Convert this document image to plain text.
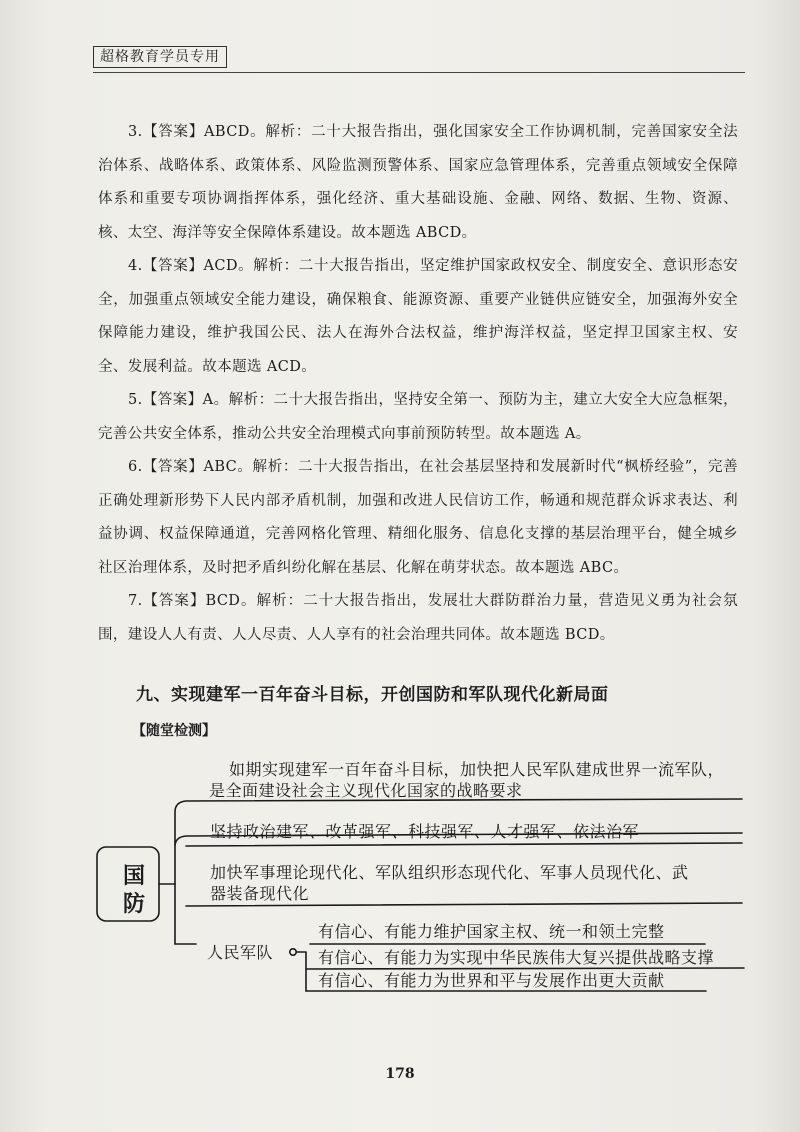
超格教育学员专用

3.【答案】ABCD。解析：二十大报告指出，强化国家安全工作协调机制，完善国家安全法治体系、战略体系、政策体系、风险监测预警体系、国家应急管理体系，完善重点领域安全保障体系和重要专项协调指挥体系，强化经济、重大基础设施、金融、网络、数据、生物、资源、核、太空、海洋等安全保障体系建设。故本题选 ABCD。

4.【答案】ACD。解析：二十大报告指出，坚定维护国家政权安全、制度安全、意识形态安全，加强重点领域安全能力建设，确保粮食、能源资源、重要产业链供应链安全，加强海外安全保障能力建设，维护我国公民、法人在海外合法权益，维护海洋权益，坚定捍卫国家主权、安全、发展利益。故本题选 ACD。

5.【答案】A。解析：二十大报告指出，坚持安全第一、预防为主，建立大安全大应急框架，完善公共安全体系，推动公共安全治理模式向事前预防转型。故本题选 A。

6.【答案】ABC。解析：二十大报告指出，在社会基层坚持和发展新时代“枫桥经验”，完善正确处理新形势下人民内部矛盾机制，加强和改进人民信访工作，畅通和规范群众诉求表达、利益协调、权益保障通道，完善网格化管理、精细化服务、信息化支撑的基层治理平台，健全城乡社区治理体系，及时把矛盾纠纷化解在基层、化解在萌芽状态。故本题选 ABC。

7.【答案】BCD。解析：二十大报告指出，发展壮大群防群治力量，营造见义勇为社会氛围，建设人人有责、人人尽责、人人享有的社会治理共同体。故本题选 BCD。

九、实现建军一百年奋斗目标，开创国防和军队现代化新局面
【随堂检测】
国
防
如期实现建军一百年奋斗目标，加快把人民军队建成世界一流军队，
是全面建设社会主义现代化国家的战略要求
坚持政治建军、改革强军、科技强军、人才强军、依法治军
加快军事理论现代化、军队组织形态现代化、军事人员现代化、武
器装备现代化
人民军队
有信心、有能力维护国家主权、统一和领土完整
有信心、有能力为实现中华民族伟大复兴提供战略支撑
有信心、有能力为世界和平与发展作出更大贡献
178
